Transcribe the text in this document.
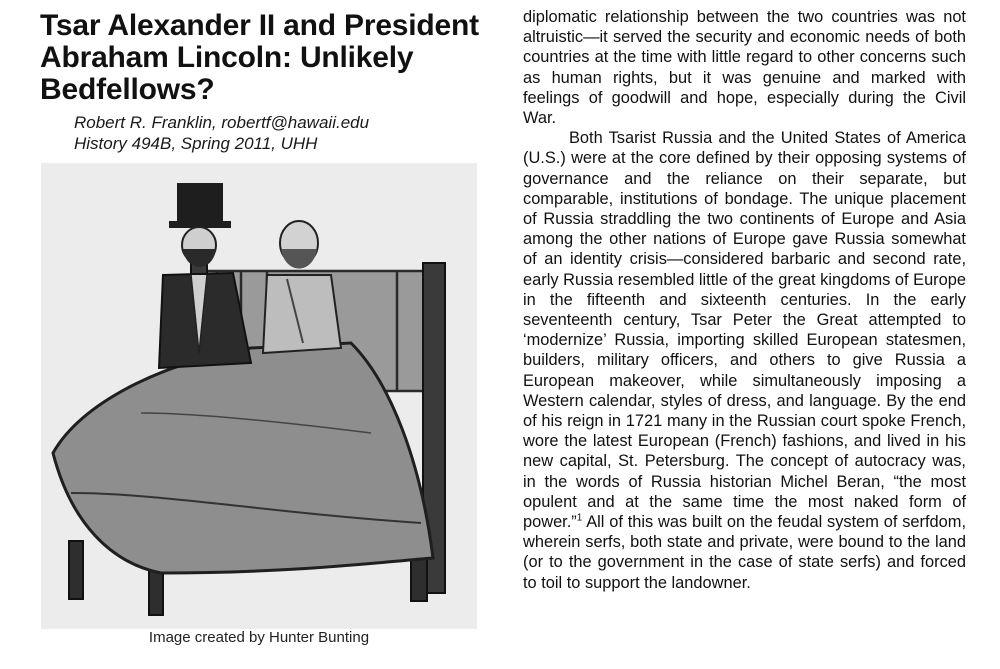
Tsar Alexander II and President
Abraham Lincoln: Unlikely
Bedfellows?
Robert R. Franklin, robertf@hawaii.edu
History 494B, Spring 2011, UHH
Image created by Hunter Bunting

diplomatic relationship between the two countries was not altruistic—it served the security and economic needs of both countries at the time with little regard to other concerns such as human rights, but it was genuine and marked with feelings of goodwill and hope, especially during the Civil War.

Both Tsarist Russia and the United States of America (U.S.) were at the core defined by their opposing systems of governance and the reliance on their separate, but comparable, institutions of bondage. The unique placement of Russia straddling the two continents of Europe and Asia among the other nations of Europe gave Russia somewhat of an identity crisis—considered barbaric and second rate, early Russia resembled little of the great kingdoms of Europe in the fifteenth and sixteenth centuries. In the early seventeenth century, Tsar Peter the Great attempted to ‘modernize’ Russia, importing skilled European statesmen, builders, military officers, and others to give Russia a European makeover, while simultaneously imposing a Western calendar, styles of dress, and language. By the end of his reign in 1721 many in the Russian court spoke French, wore the latest European (French) fashions, and lived in his new capital, St. Petersburg. The concept of autocracy was, in the words of Russia historian Michel Beran, “the most opulent and at the same time the most naked form of power.”$^1$ All of this was built on the feudal system of serfdom, wherein serfs, both state and private, were bound to the land (or to the government in the case of state serfs) and forced to toil to support the landowner.
